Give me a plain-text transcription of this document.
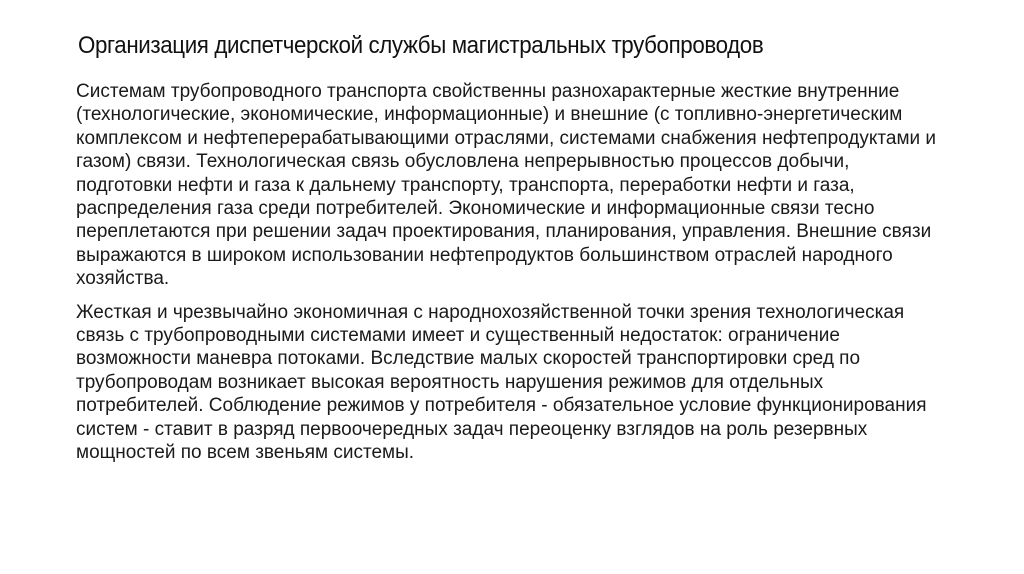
Организация диспетчерской службы магистральных трубопроводов

Системам трубопроводного транспорта свойственны разнохарактерные жесткие внутренние (технологические, экономические, информационные) и внешние (с топливно-энергетическим комплексом и нефтеперерабатывающими отраслями, системами снабжения нефтепродуктами и газом) связи. Технологическая связь обусловлена непрерывностью процессов добычи, подготовки нефти и газа к дальнему транспорту, транспорта, переработки нефти и газа, распределения газа среди потребителей. Экономические и информационные связи тесно переплетаются при решении задач проектирования, планирования, управления. Внешние связи выражаются в широком использовании нефтепродуктов большинством отраслей народного хозяйства.

Жесткая и чрезвычайно экономичная с народнохозяйственной точки зрения технологическая связь с трубопроводными системами имеет и существенный недостаток: ограничение возможности маневра потоками. Вследствие малых скоростей транспортировки сред по трубопроводам возникает высокая вероятность нарушения режимов для отдельных потребителей. Соблюдение режимов у потребителя - обязательное условие функционирования систем - ставит в разряд первоочередных задач переоценку взглядов на роль резервных мощностей по всем звеньям системы.
